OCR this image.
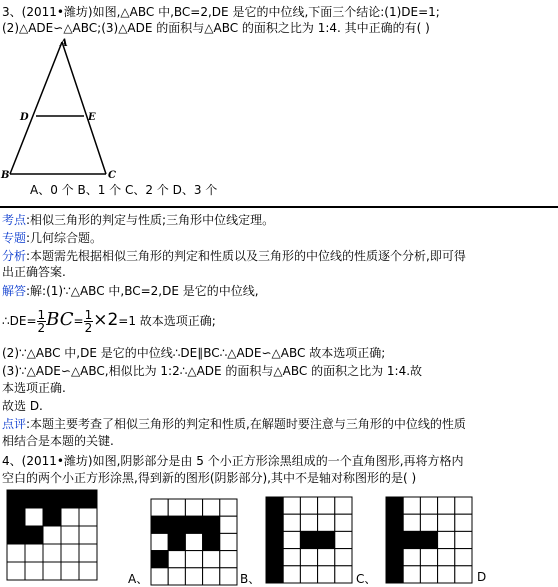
3、(2011•潍坊)如图,△ABC 中,BC=2,DE 是它的中位线,下面三个结论:(1)DE=1;
(2)△ADE∽△ABC;(3)△ADE 的面积与△ABC 的面积之比为 1:4. 其中正确的有( )
A
D	E
B	C
A、0 个 B、1 个 C、2 个 D、3 个
考点:相似三角形的判定与性质;三角形中位线定理。
专题:几何综合题。
分析:本题需先根据相似三角形的判定和性质以及三角形的中位线的性质逐个分析,即可得
出正确答案.
解答:解:(1)∵△ABC 中,BC=2,DE 是它的中位线,
∴DE= $\frac{1}{2} BC= \frac{1}{2} \times 2=1$ 故本选项正确;
(2)∵△ABC 中,DE 是它的中位线∴DE∥BC∴△ADE∽△ABC 故本选项正确;
(3)∵△ADE∽△ABC,相似比为 1:2∴△ADE 的面积与△ABC 的面积之比为 1:4.故
本选项正确.
故选 D.
点评:本题主要考查了相似三角形的判定和性质,在解题时要注意与三角形的中位线的性质
相结合是本题的关键.
4、(2011•潍坊)如图,阴影部分是由 5 个小正方形涂黑组成的一个直角图形,再将方格内
空白的两个小正方形涂黑,得到新的图形(阴影部分),其中不是轴对称图形的是( )
A、	B、	C、	D
